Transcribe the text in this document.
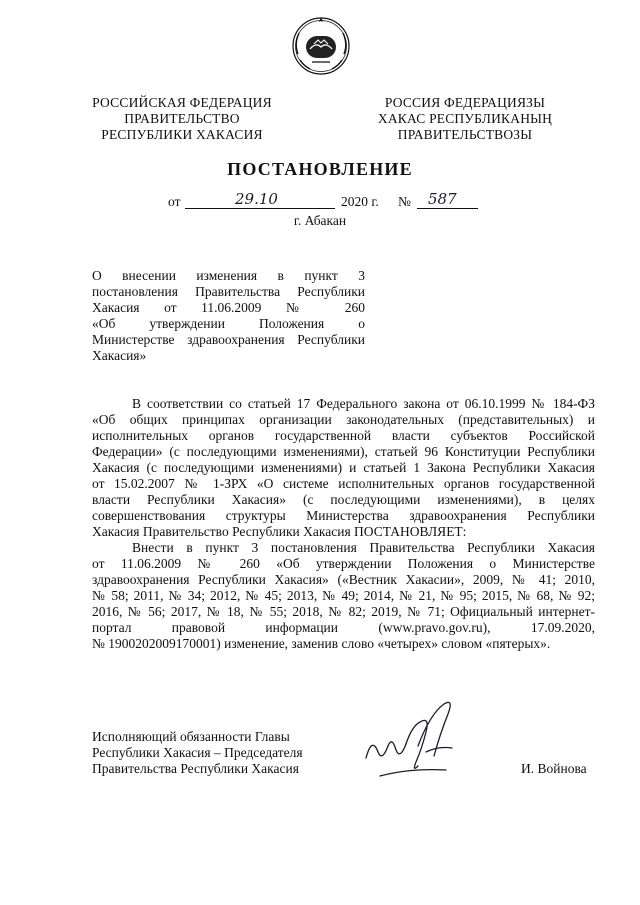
РОССИЙСКАЯ ФЕДЕРАЦИЯ
ПРАВИТЕЛЬСТВО
РЕСПУБЛИКИ ХАКАСИЯ
РОССИЯ ФЕДЕРАЦИЯЗЫ
ХАКАС РЕСПУБЛИКАНЫҢ
ПРАВИТЕЛЬСТВОЗЫ
ПОСТАНОВЛЕНИЕ
от	29.10	2020 г. № 587
г. Абакан
О внесении изменения в пункт 3
постановления Правительства Республики
Хакасия от 11.06.2009 № 260
«Об утверждении Положения о
Министерстве здравоохранения Республики
Хакасия»
В соответствии со статьей 17 Федерального закона от 06.10.1999 № 184-ФЗ
«Об общих принципах организации законодательных (представительных) и
исполнительных органов государственной власти субъектов Российской
Федерации» (с последующими изменениями), статьей 96 Конституции Республики
Хакасия (с последующими изменениями) и статьей 1 Закона Республики Хакасия
от 15.02.2007 № 1-ЗРХ «О системе исполнительных органов государственной
власти Республики Хакасия» (с последующими изменениями), в целях
совершенствования структуры Министерства здравоохранения Республики
Хакасия Правительство Республики Хакасия ПОСТАНОВЛЯЕТ:
Внести в пункт 3 постановления Правительства Республики Хакасия
от 11.06.2009 № 260 «Об утверждении Положения о Министерстве
здравоохранения Республики Хакасия» («Вестник Хакасии», 2009, № 41; 2010,
№ 58; 2011, № 34; 2012, № 45; 2013, № 49; 2014, № 21, № 95; 2015, № 68, № 92;
2016, № 56; 2017, № 18, № 55; 2018, № 82; 2019, № 71; Официальный интернет-
портал правовой информации (www.pravo.gov.ru), 17.09.2020,
№ 1900202009170001) изменение, заменив слово «четырех» словом «пятерых».
Исполняющий обязанности Главы
Республики Хакасия – Председателя
Правительства Республики Хакасия	И. Войнова
